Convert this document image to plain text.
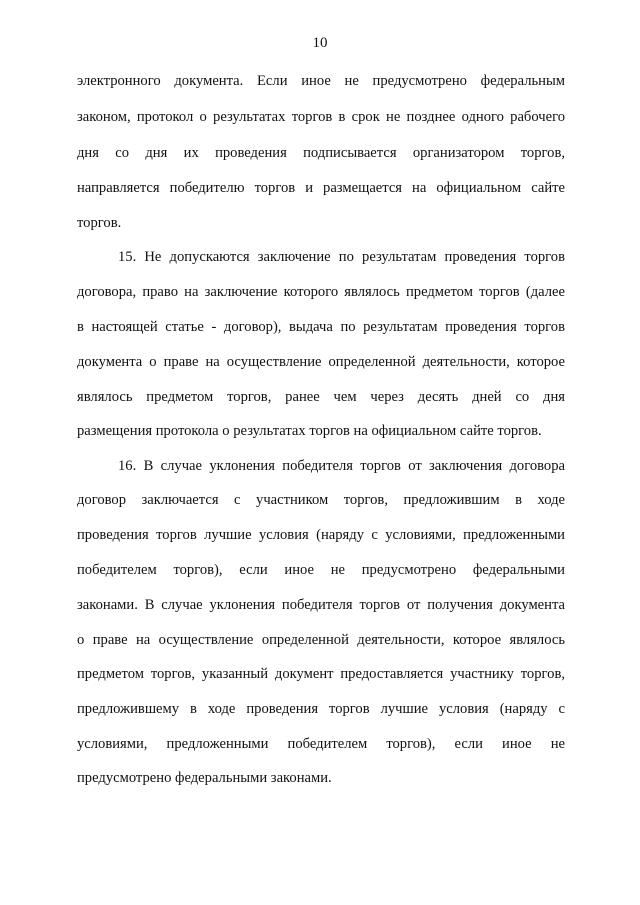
10
электронного документа. Если иное не предусмотрено федеральным
законом, протокол о результатах торгов в срок не позднее одного рабочего
дня со дня их проведения подписывается организатором торгов,
направляется победителю торгов и размещается на официальном сайте
торгов.
15. Не допускаются заключение по результатам проведения торгов
договора, право на заключение которого являлось предметом торгов (далее
в настоящей статье - договор), выдача по результатам проведения торгов
документа о праве на осуществление определенной деятельности, которое
являлось предметом торгов, ранее чем через десять дней со дня
размещения протокола о результатах торгов на официальном сайте торгов.
16. В случае уклонения победителя торгов от заключения договора
договор заключается с участником торгов, предложившим в ходе
проведения торгов лучшие условия (наряду с условиями, предложенными
победителем торгов), если иное не предусмотрено федеральными
законами. В случае уклонения победителя торгов от получения документа
о праве на осуществление определенной деятельности, которое являлось
предметом торгов, указанный документ предоставляется участнику торгов,
предложившему в ходе проведения торгов лучшие условия (наряду с
условиями, предложенными победителем торгов), если иное не
предусмотрено федеральными законами.
